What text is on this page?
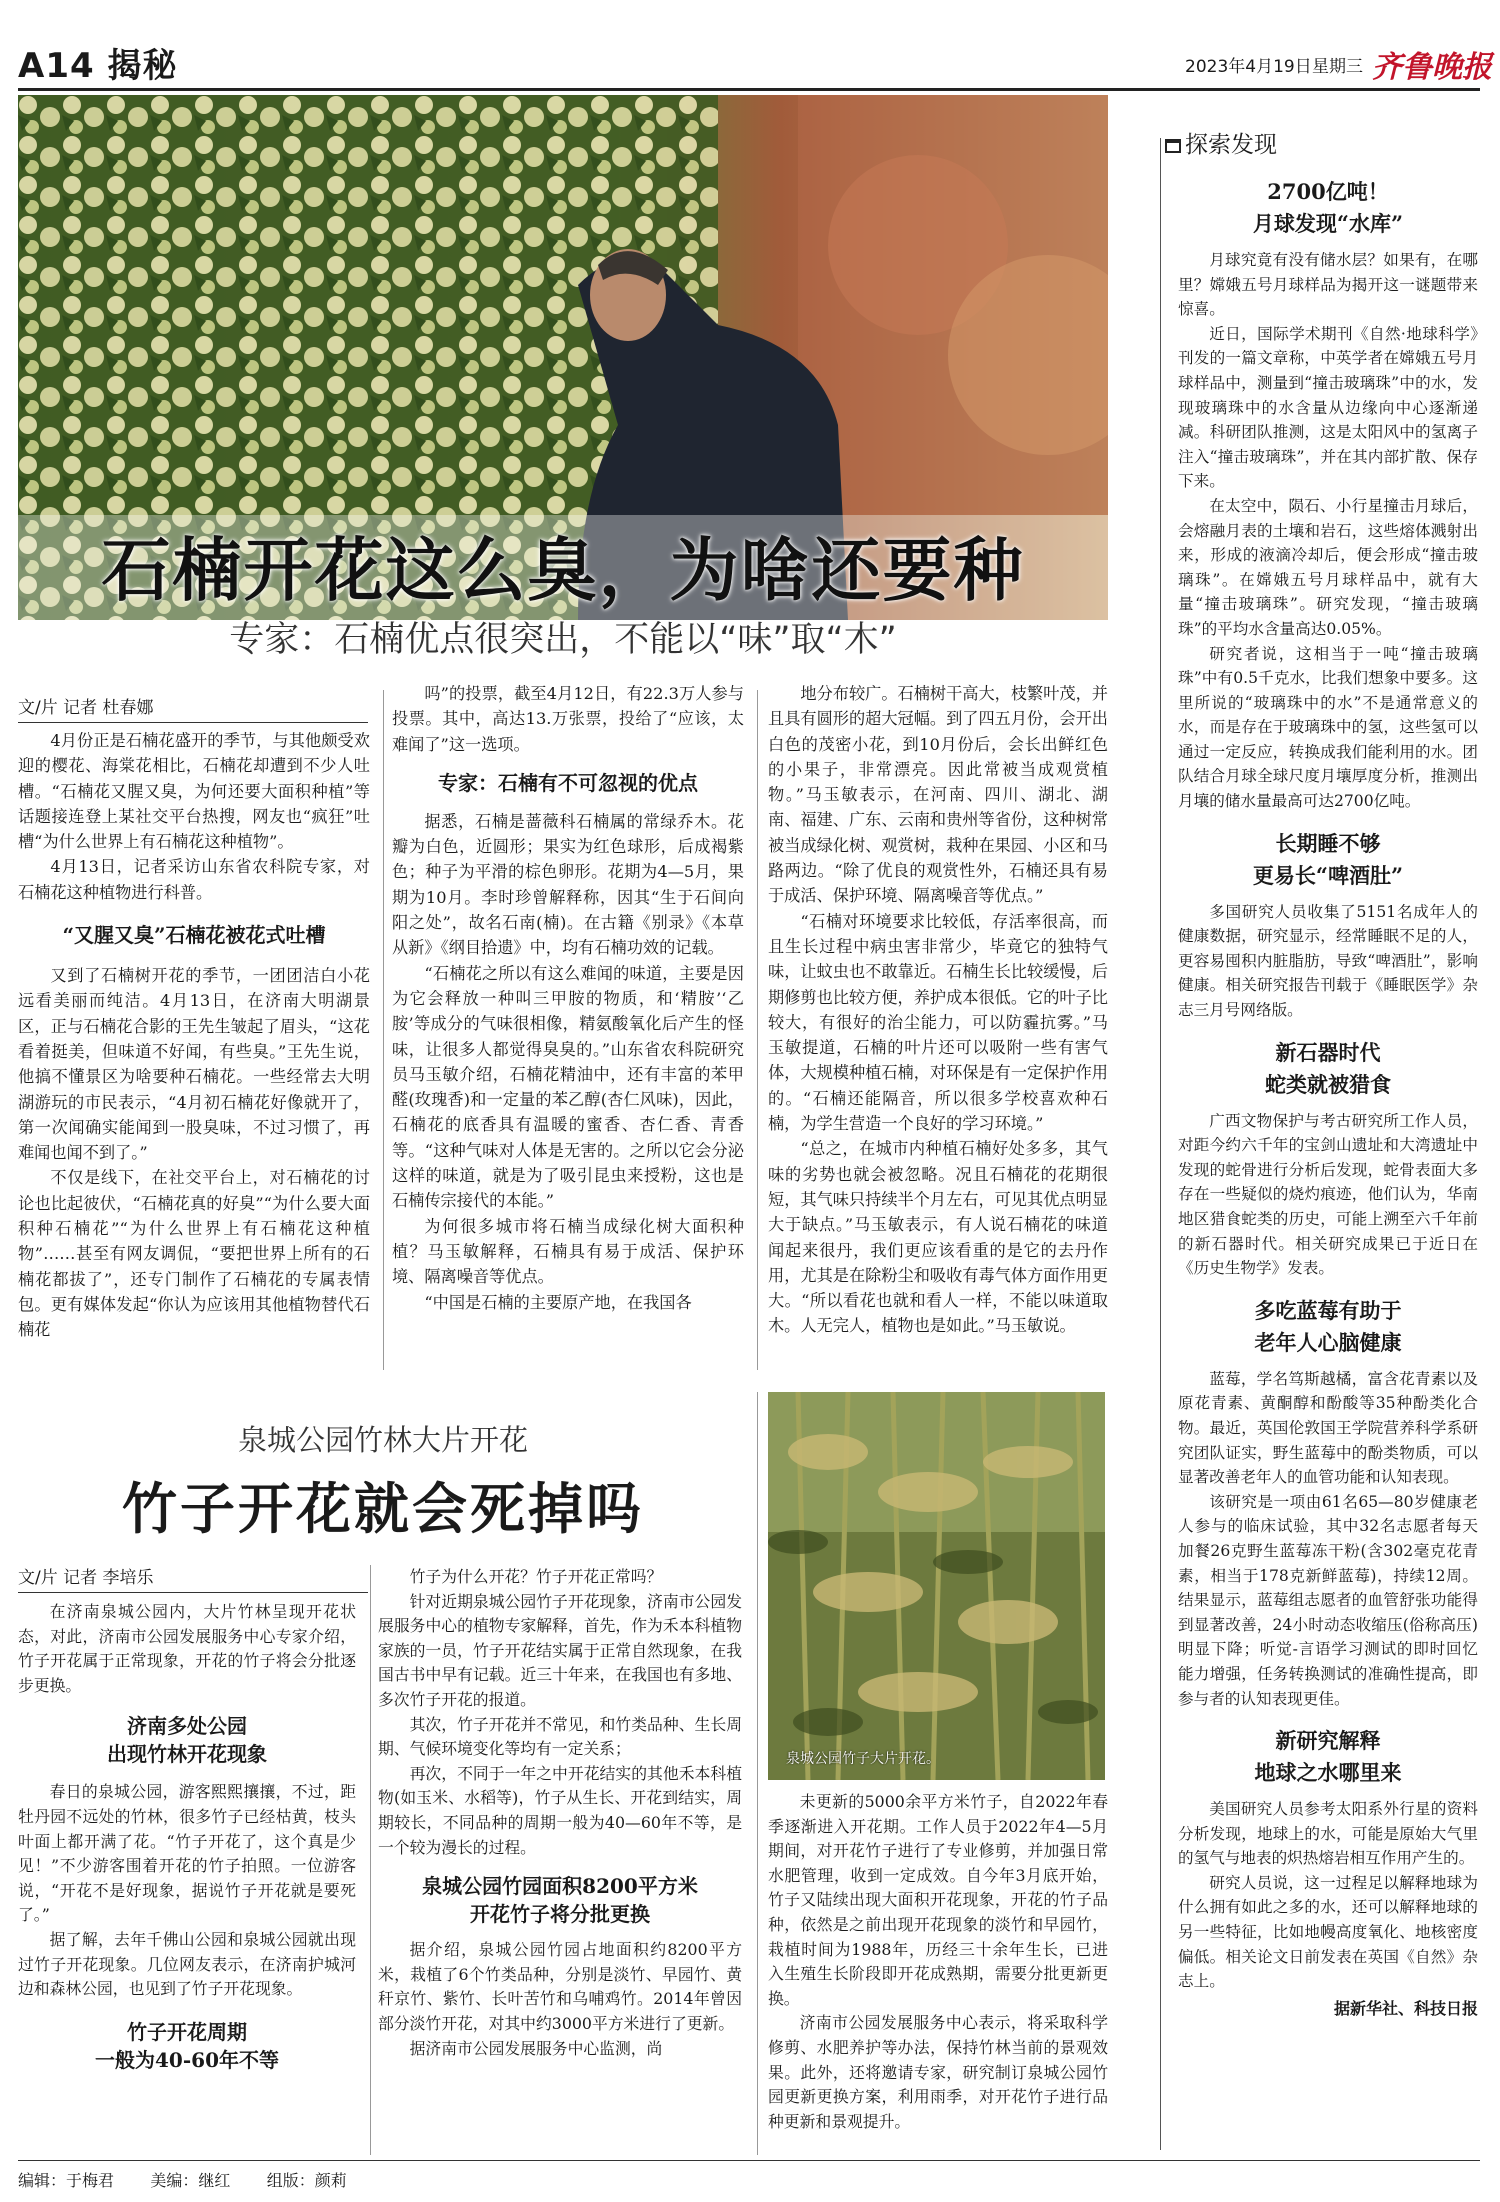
A14 揭秘	2023年4月19日 星期三 齐鲁晚报
石楠开花这么臭，为啥还要种
专家：石楠优点很突出，不能以“味”取“木”
文/片 记者 杜春娜

4月份正是石楠花盛开的季节，与其他颇受欢迎的樱花、海棠花相比，石楠花却遭到不少人吐槽。“石楠花又腥又臭，为何还要大面积种植”等话题接连登上某社交平台热搜，网友也“疯狂”吐槽“为什么世界上有石楠花这种植物”。

4月13日，记者采访山东省农科院专家，对石楠花这种植物进行科普。

“又腥又臭”石楠花被花式吐槽

又到了石楠树开花的季节，一团团洁白小花远看美丽而纯洁。4月13日，在济南大明湖景区，正与石楠花合影的王先生皱起了眉头，“这花看着挺美，但味道不好闻，有些臭。”王先生说，他搞不懂景区为啥要种石楠花。一些经常去大明湖游玩的市民表示，“4月初石楠花好像就开了，第一次闻确实能闻到一股臭味，不过习惯了，再难闻也闻不到了。”

不仅是线下，在社交平台上，对石楠花的讨论也比起彼伏，“石楠花真的好臭”“为什么要大面积种石楠花”“为什么世界上有石楠花这种植物”……甚至有网友调侃，“要把世界上所有的石楠花都拔了”，还专门制作了石楠花的专属表情包。更有媒体发起“你认为应该用其他植物替代石楠花

吗”的投票，截至4月12日，有22.3万人参与投票。其中，高达13.万张票，投给了“应该，太难闻了”这一选项。

专家：石楠有不可忽视的优点

据悉，石楠是蔷薇科石楠属的常绿乔木。花瓣为白色，近圆形；果实为红色球形，后成褐紫色；种子为平滑的棕色卵形。花期为4—5月，果期为10月。李时珍曾解释称，因其“生于石间向阳之处”，故名石南(楠)。在古籍《别录》《本草从新》《纲目拾遗》中，均有石楠功效的记载。

“石楠花之所以有这么难闻的味道，主要是因为它会释放一种叫三甲胺的物质，和‘精胺’‘乙胺’等成分的气味很相像，精氨酸氧化后产生的怪味，让很多人都觉得臭臭的。”山东省农科院研究员马玉敏介绍，石楠花精油中，还有丰富的苯甲醛(玫瑰香)和一定量的苯乙醇(杏仁风味)，因此，石楠花的底香具有温暖的蜜香、杏仁香、青香等。“这种气味对人体是无害的。之所以它会分泌这样的味道，就是为了吸引昆虫来授粉，这也是石楠传宗接代的本能。”

为何很多城市将石楠当成绿化树大面积种植？马玉敏解释，石楠具有易于成活、保护环境、隔离噪音等优点。

“中国是石楠的主要原产地，在我国各

地分布较广。石楠树干高大，枝繁叶茂，并且具有圆形的超大冠幅。到了四五月份，会开出白色的茂密小花，到10月份后，会长出鲜红色的小果子，非常漂亮。因此常被当成观赏植物。”马玉敏表示，在河南、四川、湖北、湖南、福建、广东、云南和贵州等省份，这种树常被当成绿化树、观赏树，栽种在果园、小区和马路两边。“除了优良的观赏性外，石楠还具有易于成活、保护环境、隔离噪音等优点。”

“石楠对环境要求比较低，存活率很高，而且生长过程中病虫害非常少，毕竟它的独特气味，让蚊虫也不敢靠近。石楠生长比较缓慢，后期修剪也比较方便，养护成本很低。它的叶子比较大，有很好的治尘能力，可以防霾抗雾。”马玉敏提道，石楠的叶片还可以吸附一些有害气体，大规模种植石楠，对环保是有一定保护作用的。“石楠还能隔音，所以很多学校喜欢种石楠，为学生营造一个良好的学习环境。”

“总之，在城市内种植石楠好处多多，其气味的劣势也就会被忽略。况且石楠花的花期很短，其气味只持续半个月左右，可见其优点明显大于缺点。”马玉敏表示，有人说石楠花的味道闻起来很丹，我们更应该看重的是它的去丹作用，尤其是在除粉尘和吸收有毒气体方面作用更大。“所以看花也就和看人一样，不能以味道取木。人无完人，植物也是如此。”马玉敏说。

泉城公园竹林大片开花
竹子开花就会死掉吗
文/片 记者 李培乐

在济南泉城公园内，大片竹林呈现开花状态，对此，济南市公园发展服务中心专家介绍，竹子开花属于正常现象，开花的竹子将会分批逐步更换。

济南多处公园
出现竹林开花现象

春日的泉城公园，游客熙熙攘攘，不过，距牡丹园不远处的竹林，很多竹子已经枯黄，枝头叶面上都开满了花。“竹子开花了，这个真是少见！”不少游客围着开花的竹子拍照。一位游客说，“开花不是好现象，据说竹子开花就是要死了。”

据了解，去年千佛山公园和泉城公园就出现过竹子开花现象。几位网友表示，在济南护城河边和森林公园，也见到了竹子开花现象。

竹子开花周期
一般为40-60年不等

竹子为什么开花？竹子开花正常吗？

针对近期泉城公园竹子开花现象，济南市公园发展服务中心的植物专家解释，首先，作为禾本科植物家族的一员，竹子开花结实属于正常自然现象，在我国古书中早有记载。近三十年来，在我国也有多地、多次竹子开花的报道。

其次，竹子开花并不常见，和竹类品种、生长周期、气候环境变化等均有一定关系；

再次，不同于一年之中开花结实的其他禾本科植物(如玉米、水稻等)，竹子从生长、开花到结实，周期较长，不同品种的周期一般为40—60年不等，是一个较为漫长的过程。

泉城公园竹园面积8200平方米
开花竹子将分批更换

据介绍，泉城公园竹园占地面积约8200平方米，栽植了6个竹类品种，分别是淡竹、早园竹、黄秆京竹、紫竹、长叶苦竹和乌哺鸡竹。2014年曾因部分淡竹开花，对其中约3000平方米进行了更新。

据济南市公园发展服务中心监测，尚

泉城公园竹子大片开花。

未更新的5000余平方米竹子，自2022年春季逐渐进入开花期。工作人员于2022年4—5月期间，对开花竹子进行了专业修剪，并加强日常水肥管理，收到一定成效。自今年3月底开始，竹子又陆续出现大面积开花现象，开花的竹子品种，依然是之前出现开花现象的淡竹和早园竹，栽植时间为1988年，历经三十余年生长，已进入生殖生长阶段即开花成熟期，需要分批更新更换。

济南市公园发展服务中心表示，将采取科学修剪、水肥养护等办法，保持竹林当前的景观效果。此外，还将邀请专家，研究制订泉城公园竹园更新更换方案，利用雨季，对开花竹子进行品种更新和景观提升。

探索发现
2700亿吨！
月球发现“水库”

月球究竟有没有储水层？如果有，在哪里？嫦娥五号月球样品为揭开这一谜题带来惊喜。

近日，国际学术期刊《自然·地球科学》刊发的一篇文章称，中英学者在嫦娥五号月球样品中，测量到“撞击玻璃珠”中的水，发现玻璃珠中的水含量从边缘向中心逐渐递减。科研团队推测，这是太阳风中的氢离子注入“撞击玻璃珠”，并在其内部扩散、保存下来。

在太空中，陨石、小行星撞击月球后，会熔融月表的土壤和岩石，这些熔体溅射出来，形成的液滴冷却后，便会形成“撞击玻璃珠”。在嫦娥五号月球样品中，就有大量“撞击玻璃珠”。研究发现，“撞击玻璃珠”的平均水含量高达0.05%。

研究者说，这相当于一吨“撞击玻璃珠”中有0.5千克水，比我们想象中要多。这里所说的“玻璃珠中的水”不是通常意义的水，而是存在于玻璃珠中的氢，这些氢可以通过一定反应，转换成我们能利用的水。团队结合月球全球尺度月壤厚度分析，推测出月壤的储水量最高可达2700亿吨。

长期睡不够
更易长“啤酒肚”

多国研究人员收集了5151名成年人的健康数据，研究显示，经常睡眠不足的人，更容易囤积内脏脂肪，导致“啤酒肚”，影响健康。相关研究报告刊载于《睡眠医学》杂志三月号网络版。

新石器时代
蛇类就被猎食

广西文物保护与考古研究所工作人员，对距今约六千年的宝剑山遗址和大湾遗址中发现的蛇骨进行分析后发现，蛇骨表面大多存在一些疑似的烧灼痕迹，他们认为，华南地区猎食蛇类的历史，可能上溯至六千年前的新石器时代。相关研究成果已于近日在《历史生物学》发表。

多吃蓝莓有助于
老年人心脑健康

蓝莓，学名笃斯越橘，富含花青素以及原花青素、黄酮醇和酚酸等35种酚类化合物。最近，英国伦敦国王学院营养科学系研究团队证实，野生蓝莓中的酚类物质，可以显著改善老年人的血管功能和认知表现。

该研究是一项由61名65—80岁健康老人参与的临床试验，其中32名志愿者每天加餐26克野生蓝莓冻干粉(含302毫克花青素，相当于178克新鲜蓝莓)，持续12周。结果显示，蓝莓组志愿者的血管舒张功能得到显著改善，24小时动态收缩压(俗称高压)明显下降；听觉-言语学习测试的即时回忆能力增强，任务转换测试的准确性提高，即参与者的认知表现更佳。

新研究解释
地球之水哪里来

美国研究人员参考太阳系外行星的资料分析发现，地球上的水，可能是原始大气里的氢气与地表的炽热熔岩相互作用产生的。

研究人员说，这一过程足以解释地球为什么拥有如此之多的水，还可以解释地球的另一些特征，比如地幔高度氧化、地核密度偏低。相关论文日前发表在英国《自然》杂志上。

据新华社、科技日报

编辑：于梅君 美编：继红 组版：颜莉
